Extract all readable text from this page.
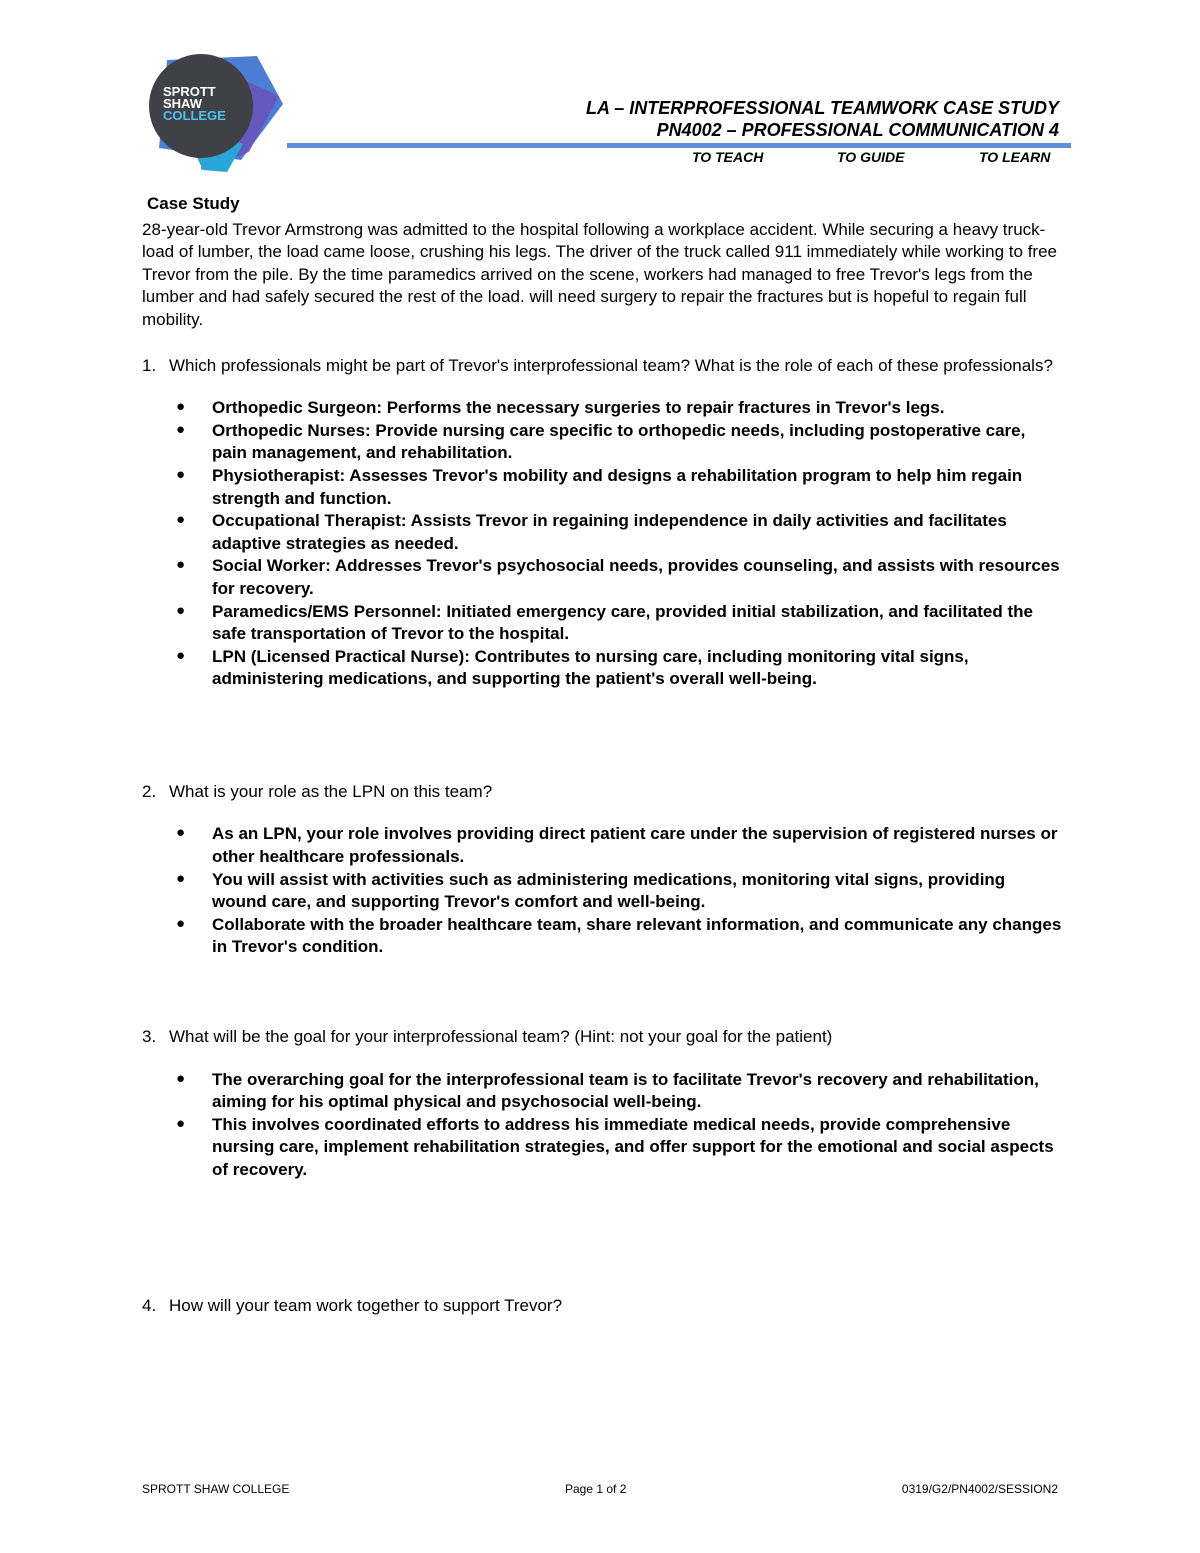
SPROTT
SHAW
COLLEGE	LA – INTERPROFESSIONAL TEAMWORK CASE STUDY
PN4002 – PROFESSIONAL COMMUNICATION 4
TO TEACH	TO GUIDE	TO LEARN
Case Study

28-year-old Trevor Armstrong was admitted to the hospital following a workplace accident. While securing a heavy truck-load of lumber, the load came loose, crushing his legs. The driver of the truck called 911 immediately while working to free Trevor from the pile. By the time paramedics arrived on the scene, workers had managed to free Trevor's legs from the lumber and had safely secured the rest of the load. will need surgery to repair the fractures but is hopeful to regain full mobility.

1. Which professionals might be part of Trevor's interprofessional team? What is the role of each of these professionals?
● Orthopedic Surgeon: Performs the necessary surgeries to repair fractures in Trevor's legs.
● Orthopedic Nurses: Provide nursing care specific to orthopedic needs, including postoperative care, pain management, and rehabilitation.
● Physiotherapist: Assesses Trevor's mobility and designs a rehabilitation program to help him regain strength and function.
● Occupational Therapist: Assists Trevor in regaining independence in daily activities and facilitates adaptive strategies as needed.
● Social Worker: Addresses Trevor's psychosocial needs, provides counseling, and assists with resources for recovery.
● Paramedics/EMS Personnel: Initiated emergency care, provided initial stabilization, and facilitated the safe transportation of Trevor to the hospital.
● LPN (Licensed Practical Nurse): Contributes to nursing care, including monitoring vital signs, administering medications, and supporting the patient's overall well-being.
2. What is your role as the LPN on this team?
● As an LPN, your role involves providing direct patient care under the supervision of registered nurses or other healthcare professionals.
● You will assist with activities such as administering medications, monitoring vital signs, providing wound care, and supporting Trevor's comfort and well-being.
● Collaborate with the broader healthcare team, share relevant information, and communicate any changes in Trevor's condition.
3. What will be the goal for your interprofessional team? (Hint: not your goal for the patient)
● The overarching goal for the interprofessional team is to facilitate Trevor's recovery and rehabilitation, aiming for his optimal physical and psychosocial well-being.
● This involves coordinated efforts to address his immediate medical needs, provide comprehensive nursing care, implement rehabilitation strategies, and offer support for the emotional and social aspects of recovery.
4. How will your team work together to support Trevor?
SPROTT SHAW COLLEGE	Page 1 of 2	0319/G2/PN4002/SESSION2
